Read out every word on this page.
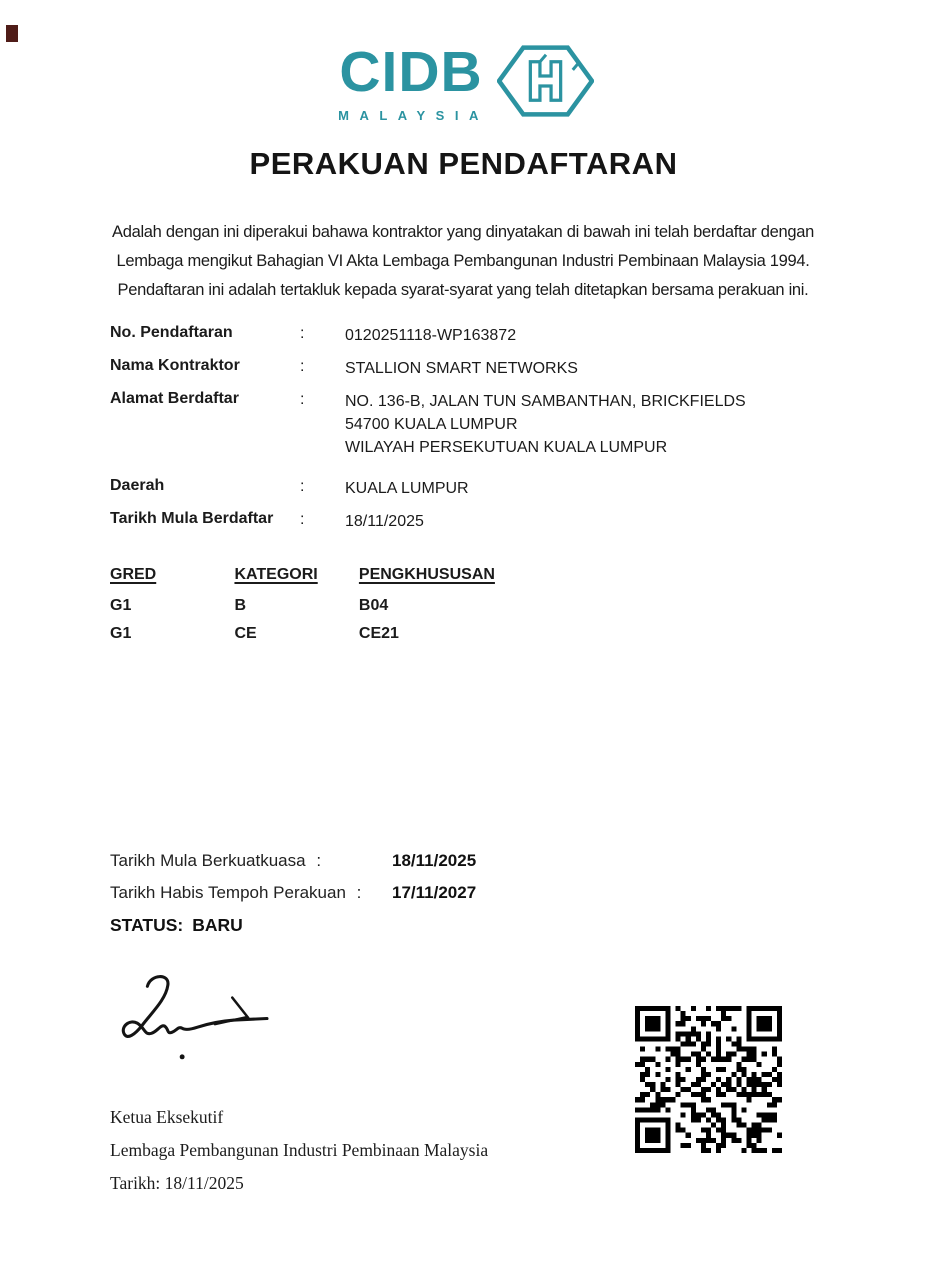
CIDB
MALAYSIA
PERAKUAN PENDAFTARAN
Adalah dengan ini diperakui bahawa kontraktor yang dinyatakan di bawah ini telah berdaftar dengan
Lembaga mengikut Bahagian VI Akta Lembaga Pembangunan Industri Pembinaan Malaysia 1994.
Pendaftaran ini adalah tertakluk kepada syarat-syarat yang telah ditetapkan bersama perakuan ini.
No. Pendaftaran	:	0120251118-WP163872
Nama Kontraktor	:	STALLION SMART NETWORKS
Alamat Berdaftar	:	NO. 136-B, JALAN TUN SAMBANTHAN, BRICKFIELDS
54700 KUALA LUMPUR
WILAYAH PERSEKUTUAN KUALA LUMPUR
Daerah	:	KUALA LUMPUR
Tarikh Mula Berdaftar :	18/11/2025
GRED	KATEGORI	PENGKHUSUSAN
G1	B	B04
G1	CE	CE21
Tarikh Mula Berkuatkuasa :	18/11/2025
Tarikh Habis Tempoh Perakuan : 17/11/2027
STATUS: BARU
Ketua Eksekutif
Lembaga Pembangunan Industri Pembinaan Malaysia
Tarikh: 18/11/2025
